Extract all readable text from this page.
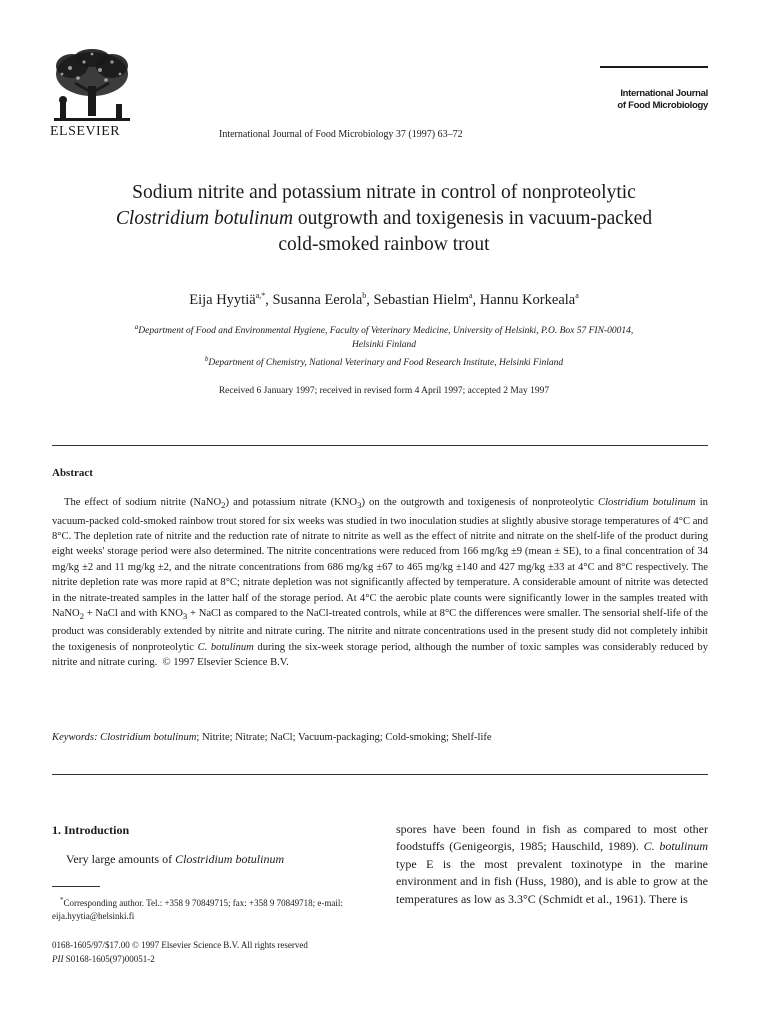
ELSEVIER	International Journal of Food Microbiology 37 (1997) 63–72
International Journal
of Food Microbiology
Sodium nitrite and potassium nitrate in control of nonproteolytic
Clostridium botulinum outgrowth and toxigenesis in vacuum-packed
cold-smoked rainbow trout
Eija Hyytiä$^{a,*}$, Susanna Eerola$^b$, Sebastian Hielm$^a$, Hannu Korkeala$^a$
$^a$Department of Food and Environmental Hygiene, Faculty of Veterinary Medicine, University of Helsinki, P.O. Box 57 FIN-00014,
Helsinki Finland
$^b$Department of Chemistry, National Veterinary and Food Research Institute, Helsinki Finland
Received 6 January 1997; received in revised form 4 April 1997; accepted 2 May 1997
Abstract
The effect of sodium nitrite (NaNO$_2$) and potassium nitrate $(KNO_3)$ on the outgrowth and toxigenesis of nonproteolytic Clostridium botulinum in vacuum-packed cold-smoked rainbow trout stored for six weeks was studied in two inoculation studies at slightly abusive storage temperatures of 4°C and 8°C. The depletion rate of nitrite and the reduction rate of nitrate to nitrite as well as the effect of nitrite and nitrate on the shelf-life of the product during eight weeks' storage period were also determined. The nitrite concentrations were reduced from 166 mg/kg ±9 (mean ± SE), to a final concentration of 34 mg/kg ±2 and 11 mg/kg ±2, and the nitrate concentrations from 686 mg/kg ±67 to 465 mg/kg ±140 and 427 mg/kg ±33 at 4°C and 8°C respectively. The nitrite depletion rate was more rapid at 8°C; nitrate depletion was not significantly affected by temperature. A considerable amount of nitrite was detected in the nitrate-treated samples in the latter half of the storage period. At 4°C the aerobic plate counts were significantly lower in the samples treated with NaNO$_2$ + NaCl and with $KNO_3$ + NaCl as compared to the NaCl-treated controls, while at 8°C the differences were smaller. The sensorial shelf-life of the product was considerably extended by nitrite and nitrate curing. The nitrite and nitrate concentrations used in the present study did not completely inhibit the toxigenesis of nonproteolytic C. botulinum during the six-week storage period, although the number of toxic samples was considerably reduced by nitrite and nitrate curing.  © 1997 Elsevier Science B.V.
Keywords: Clostridium botulinum; Nitrite; Nitrate; NaCl; Vacuum-packaging; Cold-smoking; Shelf-life
1. Introduction
Very large amounts of Clostridium botulinum
*Corresponding author. Tel.: +358 9 70849715; fax: +358 9 70849718; e-mail: eija.hyytia@helsinki.fi
spores have been found in fish as compared to most other foodstuffs (Genigeorgis, 1985; Hauschild, 1989). C. botulinum type E is the most prevalent toxinotype in the marine environment and in fish (Huss, 1980), and is able to grow at the temperatures as low as 3.3°C (Schmidt et al., 1961). There is
0168-1605/97/$17.00 © 1997 Elsevier Science B.V. All rights reserved
PII S0168-1605(97)00051-2
